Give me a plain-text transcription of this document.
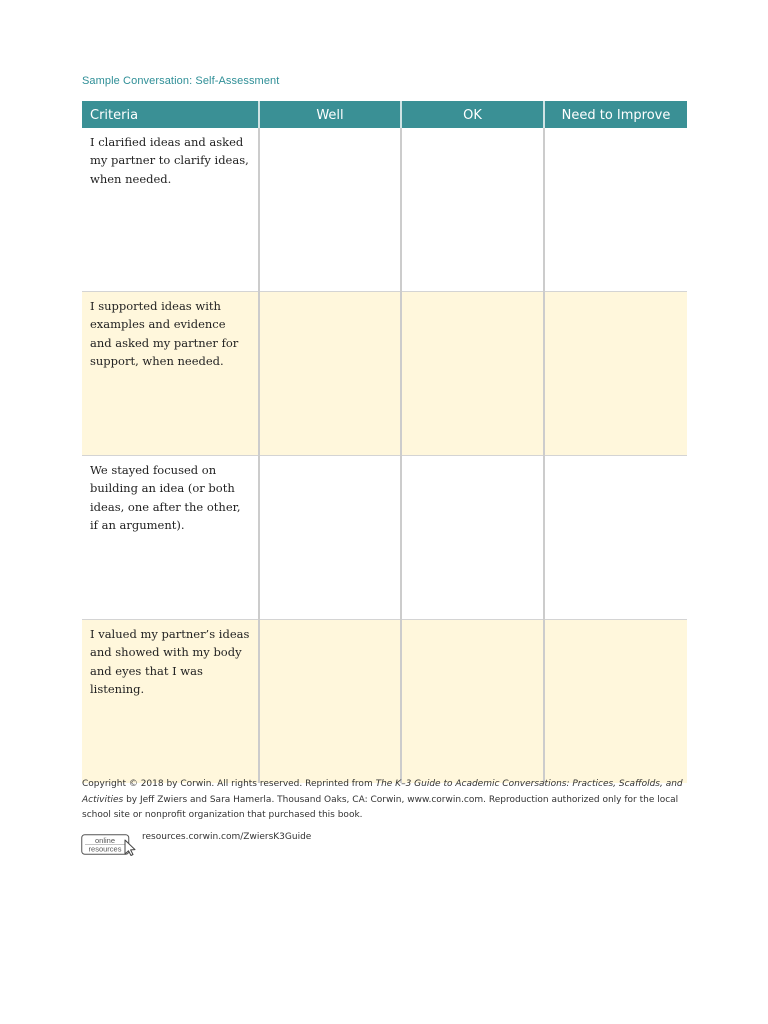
Sample Conversation: Self-Assessment
Criteria	Well	OK	Need to Improve
I clarified ideas and asked my partner to clarify ideas, when needed.			
I supported ideas with examples and evidence and asked my partner for support, when needed.			
We stayed focused on building an idea (or both ideas, one after the other, if an argument).			
I valued my partner’s ideas and showed with my body and eyes that I was listening.			
Copyright © 2018 by Corwin. All rights reserved. Reprinted from The K–3 Guide to Academic Conversations: Practices, Scaffolds, and Activities by Jeff Zwiers and Sara Hamerla. Thousand Oaks, CA: Corwin, www.corwin.com. Reproduction authorized only for the local school site or nonprofit organization that purchased this book.
online
resources
resources.corwin.com/ZwiersK3Guide
